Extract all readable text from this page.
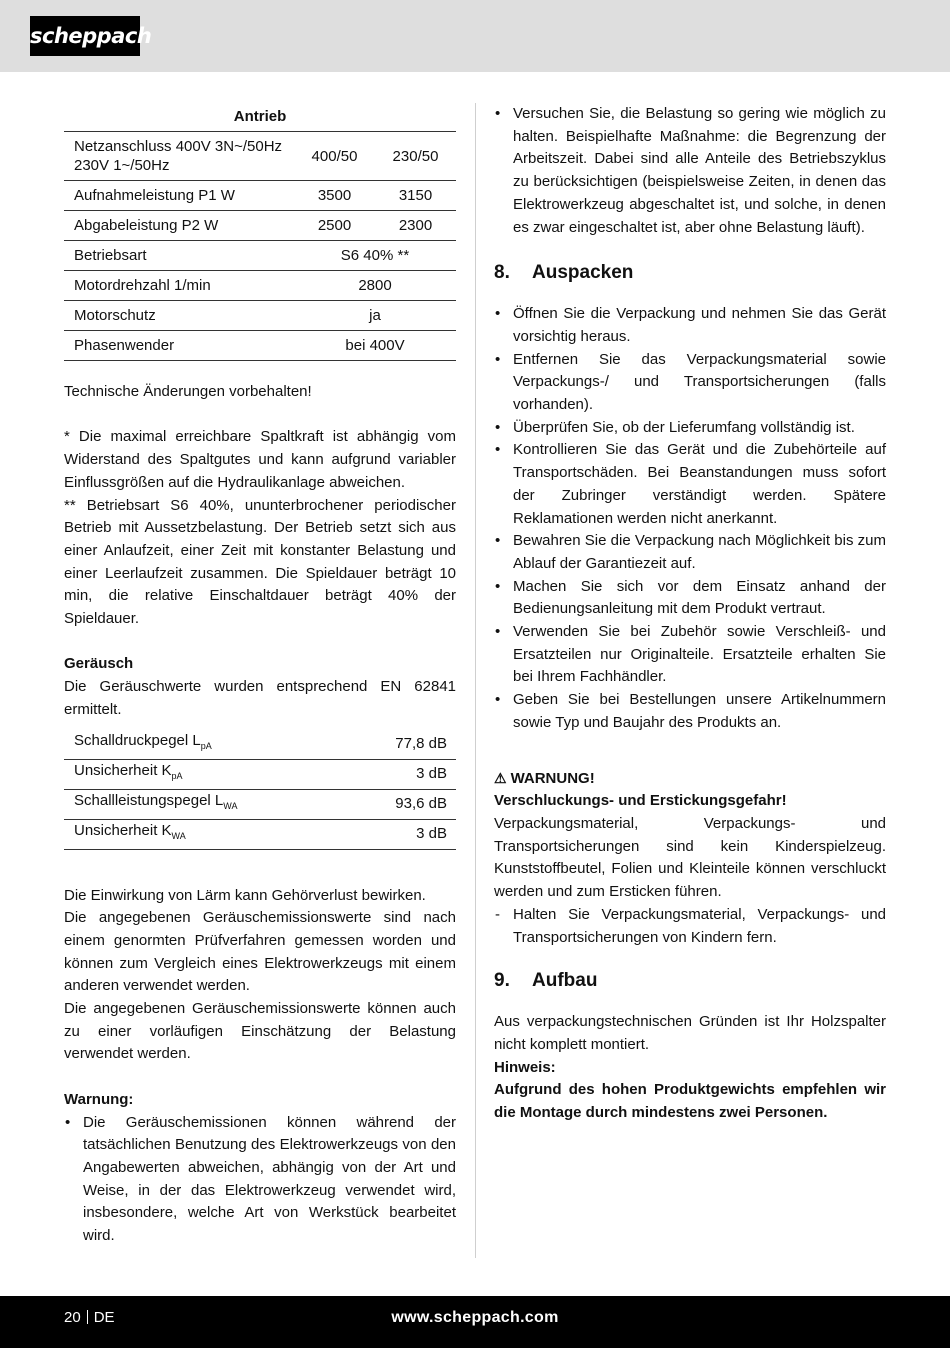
scheppach
Antrieb
Netzanschluss 400V 3N~/50Hz 230V 1~/50Hz	400/50	230/50
Aufnahmeleistung P1 W	3500	3150
Abgabeleistung P2 W	2500	2300
Betriebsart	S6 40% **	
Motordrehzahl 1/min	2800	
Motorschutz	ja	
Phasenwender	bei 400V	

Technische Änderungen vorbehalten!

* Die maximal erreichbare Spaltkraft ist abhängig vom Widerstand des Spaltgutes und kann aufgrund variabler Einflussgrößen auf die Hydraulikanlage abweichen.

** Betriebsart S6 40%, ununterbrochener periodischer Betrieb mit Aussetzbelastung. Der Betrieb setzt sich aus einer Anlaufzeit, einer Zeit mit konstanter Belastung und einer Leerlaufzeit zusammen. Die Spieldauer beträgt 10 min, die relative Einschaltdauer beträgt 40% der Spieldauer.

Geräusch

Die Geräuschwerte wurden entsprechend EN 62841 ermittelt.

Schalldruckpegel $L_{pA}$	77,8 dB
Unsicherheit $K_{pA}$	3 dB
Schallleistungspegel $L_{WA}$	93,6 dB
Unsicherheit $K_{WA}$	3 dB

Die Einwirkung von Lärm kann Gehörverlust bewirken.

Die angegebenen Geräuschemissionswerte sind nach einem genormten Prüfverfahren gemessen worden und können zum Vergleich eines Elektrowerkzeugs mit einem anderen verwendet werden.

Die angegebenen Geräuschemissionswerte können auch zu einer vorläufigen Einschätzung der Belastung verwendet werden.

Warnung:

• Die Geräuschemissionen können während der tatsächlichen Benutzung des Elektrowerkzeugs von den Angabewerten abweichen, abhängig von der Art und Weise, in der das Elektrowerkzeug verwendet wird, insbesondere, welche Art von Werkstück bearbeitet wird.
• Versuchen Sie, die Belastung so gering wie möglich zu halten. Beispielhafte Maßnahme: die Begrenzung der Arbeitszeit. Dabei sind alle Anteile des Betriebszyklus zu berücksichtigen (beispielsweise Zeiten, in denen das Elektrowerkzeug abgeschaltet ist, und solche, in denen es zwar eingeschaltet ist, aber ohne Belastung läuft).
8. Auspacken
• Öffnen Sie die Verpackung und nehmen Sie das Gerät vorsichtig heraus.
• Entfernen Sie das Verpackungsmaterial sowie Verpackungs-/ und Transportsicherungen (falls vorhanden).
• Überprüfen Sie, ob der Lieferumfang vollständig ist.
• Kontrollieren Sie das Gerät und die Zubehörteile auf Transportschäden. Bei Beanstandungen muss sofort der Zubringer verständigt werden. Spätere Reklamationen werden nicht anerkannt.
• Bewahren Sie die Verpackung nach Möglichkeit bis zum Ablauf der Garantiezeit auf.
• Machen Sie sich vor dem Einsatz anhand der Bedienungsanleitung mit dem Produkt vertraut.
• Verwenden Sie bei Zubehör sowie Verschleiß- und Ersatzteilen nur Originalteile. Ersatzteile erhalten Sie bei Ihrem Fachhändler.
• Geben Sie bei Bestellungen unsere Artikelnummern sowie Typ und Baujahr des Produkts an.

⚠ WARNUNG!

Verschluckungs- und Erstickungsgefahr!

Verpackungsmaterial, Verpackungs- und Transportsicherungen sind kein Kinderspielzeug. Kunststoffbeutel, Folien und Kleinteile können verschluckt werden und zum Ersticken führen.

- Halten Sie Verpackungsmaterial, Verpackungs- und Transportsicherungen von Kindern fern.
9. Aufbau

Aus verpackungstechnischen Gründen ist Ihr Holzspalter nicht komplett montiert.

Hinweis:

Aufgrund des hohen Produktgewichts empfehlen wir die Montage durch mindestens zwei Personen.

20 DE	www.scheppach.com
